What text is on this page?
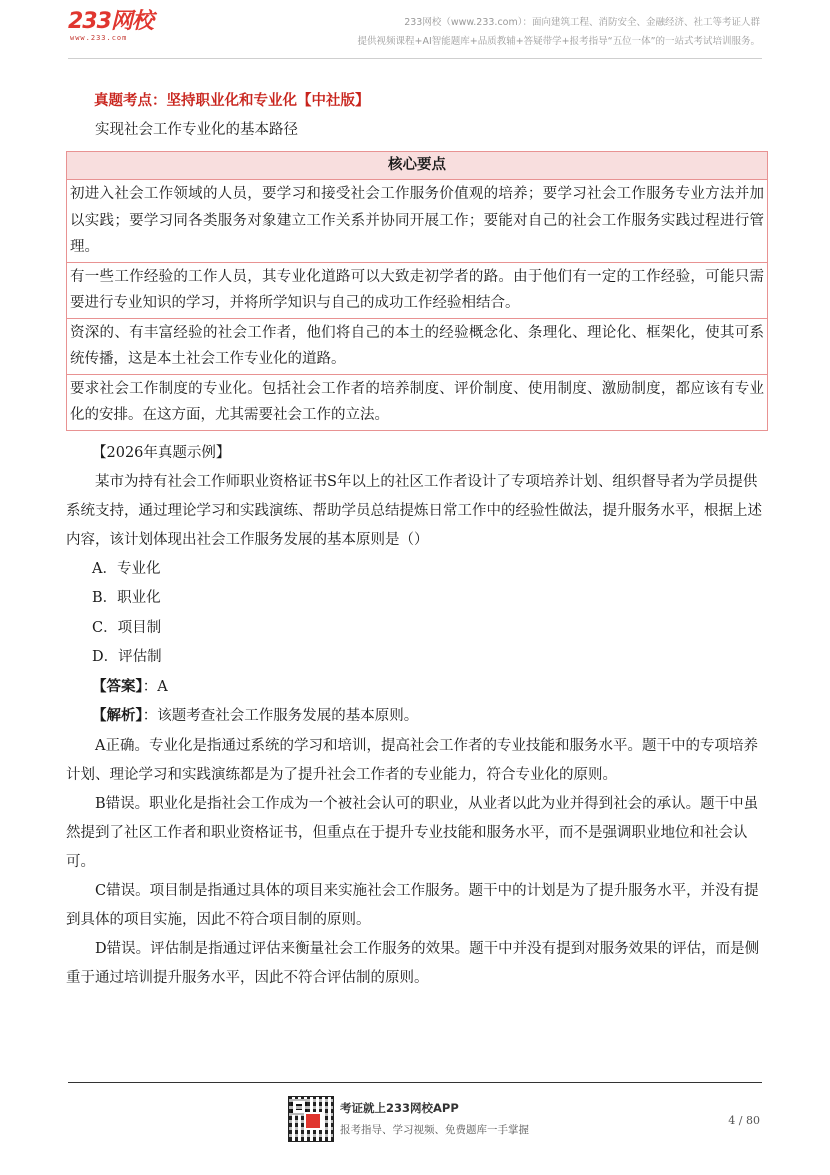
233网校
www.233.com
233网校（www.233.com）：面向建筑工程、消防安全、金融经济、社工等考证人群
提供视频课程+AI智能题库+品质教辅+答疑带学+报考指导“五位一体”的一站式考试培训服务。
真题考点：坚持职业化和专业化【中社版】
实现社会工作专业化的基本路径
核心要点
初进入社会工作领域的人员，要学习和接受社会工作服务价值观的培养；要学习社会工作服务专业方法并加以实践；要学习同各类服务对象建立工作关系并协同开展工作；要能对自己的社会工作服务实践过程进行管理。
有一些工作经验的工作人员，其专业化道路可以大致走初学者的路。由于他们有一定的工作经验，可能只需要进行专业知识的学习，并将所学知识与自己的成功工作经验相结合。
资深的、有丰富经验的社会工作者，他们将自己的本土的经验概念化、条理化、理论化、框架化，使其可系统传播，这是本土社会工作专业化的道路。
要求社会工作制度的专业化。包括社会工作者的培养制度、评价制度、使用制度、激励制度，都应该有专业化的安排。在这方面，尤其需要社会工作的立法。
【2026年真题示例】
某市为持有社会工作师职业资格证书S年以上的社区工作者设计了专项培养计划、组织督导者为学员提供系统支持，通过理论学习和实践演练、帮助学员总结提炼日常工作中的经验性做法，提升服务水平，根据上述内容，该计划体现出社会工作服务发展的基本原则是（）
A．专业化
B．职业化
C．项目制
D．评估制
【答案】：A
【解析】：该题考查社会工作服务发展的基本原则。
A正确。专业化是指通过系统的学习和培训，提高社会工作者的专业技能和服务水平。题干中的专项培养计划、理论学习和实践演练都是为了提升社会工作者的专业能力，符合专业化的原则。
B错误。职业化是指社会工作成为一个被社会认可的职业，从业者以此为业并得到社会的承认。题干中虽然提到了社区工作者和职业资格证书，但重点在于提升专业技能和服务水平，而不是强调职业地位和社会认可。
C错误。项目制是指通过具体的项目来实施社会工作服务。题干中的计划是为了提升服务水平，并没有提到具体的项目实施，因此不符合项目制的原则。
D错误。评估制是指通过评估来衡量社会工作服务的效果。题干中并没有提到对服务效果的评估，而是侧重于通过培训提升服务水平，因此不符合评估制的原则。
考证就上233网校APP
报考指导、学习视频、免费题库一手掌握
4 / 80
